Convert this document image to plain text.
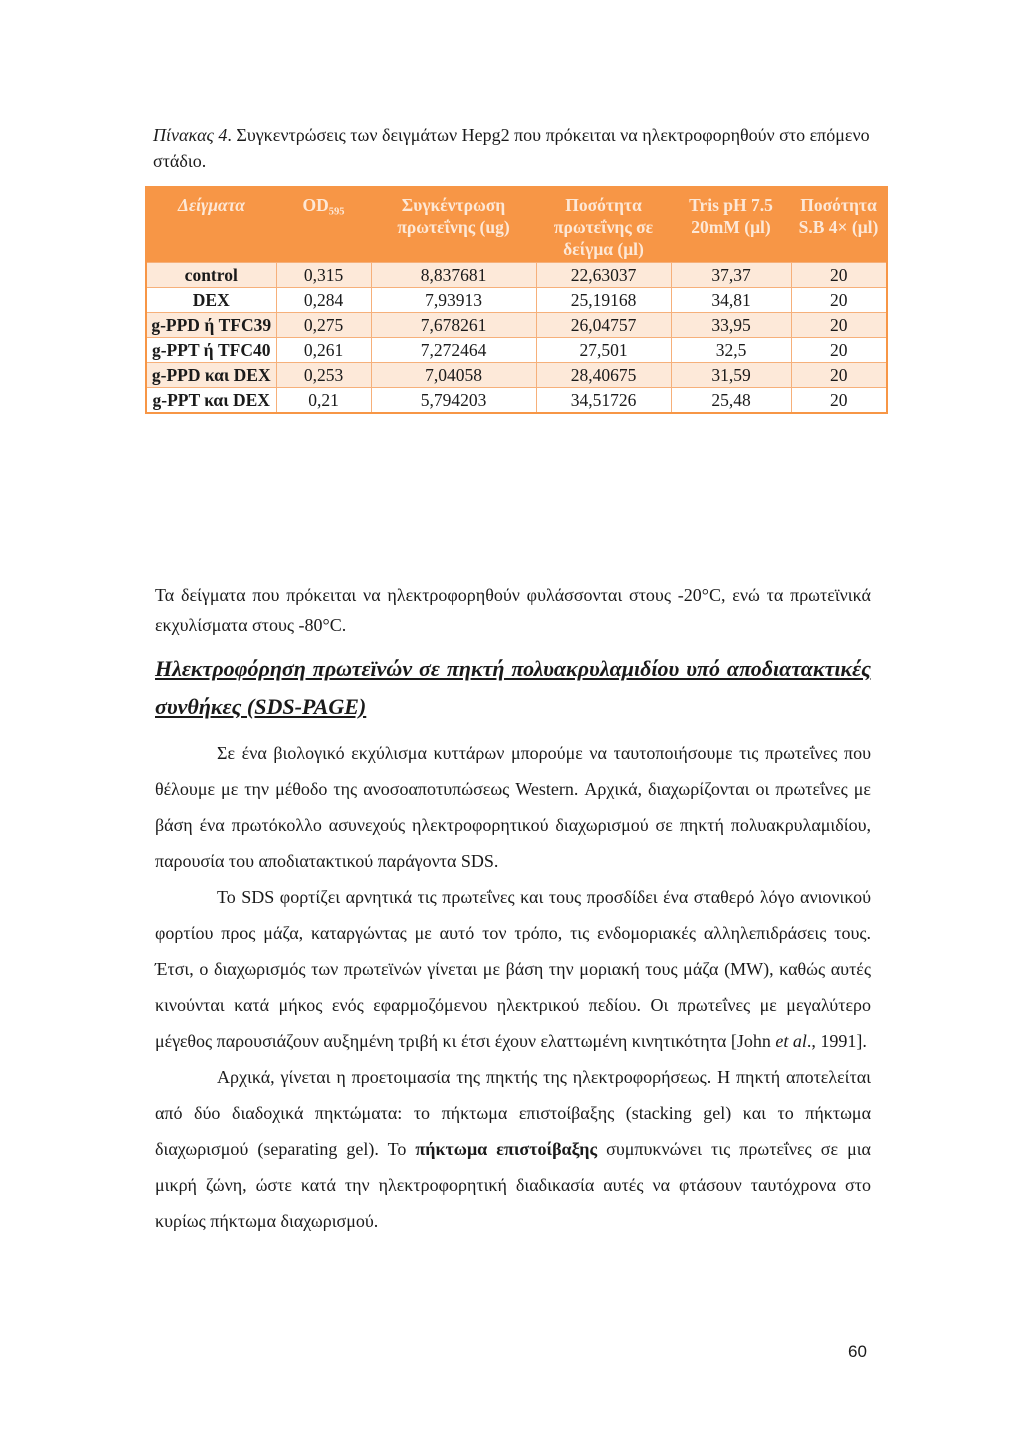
Πίνακας 4. Συγκεντρώσεις των δειγμάτων Hepg2 που πρόκειται να ηλεκτροφορηθούν στο επόμενο στάδιο.
Δείγματα	OD₅₉₅	Συγκέντρωση πρωτεΐνης (ug)	Ποσότητα πρωτεΐνης σε δείγμα (μl)	Tris pH 7.5 20mM (μl)	Ποσότητα S.B 4× (μl)
control	0,315	8,837681	22,63037	37,37	20
DEX	0,284	7,93913	25,19168	34,81	20
g-PPD ή TFC39	0,275	7,678261	26,04757	33,95	20
g-PPT ή TFC40	0,261	7,272464	27,501	32,5	20
g-PPD και DEX	0,253	7,04058	28,40675	31,59	20
g-PPT και DEX	0,21	5,794203	34,51726	25,48	20
Τα δείγματα που πρόκειται να ηλεκτροφορηθούν φυλάσσονται στους -20°C, ενώ τα πρωτεϊνικά εκχυλίσματα στους -80°C.
Ηλεκτροφόρηση πρωτεϊνών σε πηκτή πολυακρυλαμιδίου υπό αποδιατακτικές συνθήκες (SDS-PAGE)

Σε ένα βιολογικό εκχύλισμα κυττάρων μπορούμε να ταυτοποιήσουμε τις πρωτεΐνες που θέλουμε με την μέθοδο της ανοσοαποτυπώσεως Western. Αρχικά, διαχωρίζονται οι πρωτεΐνες με βάση ένα πρωτόκολλο ασυνεχούς ηλεκτροφορητικού διαχωρισμού σε πηκτή πολυακρυλαμιδίου, παρουσία του αποδιατακτικού παράγοντα SDS.

Το SDS φορτίζει αρνητικά τις πρωτεΐνες και τους προσδίδει ένα σταθερό λόγο ανιονικού φορτίου προς μάζα, καταργώντας με αυτό τον τρόπο, τις ενδομοριακές αλληλεπιδράσεις τους. Έτσι, ο διαχωρισμός των πρωτεϊνών γίνεται με βάση την μοριακή τους μάζα (MW), καθώς αυτές κινούνται κατά μήκος ενός εφαρμοζόμενου ηλεκτρικού πεδίου. Οι πρωτεΐνες με μεγαλύτερο μέγεθος παρουσιάζουν αυξημένη τριβή κι έτσι έχουν ελαττωμένη κινητικότητα [John et al., 1991].

Αρχικά, γίνεται η προετοιμασία της πηκτής της ηλεκτροφορήσεως. Η πηκτή αποτελείται από δύο διαδοχικά πηκτώματα: το πήκτωμα επιστοίβαξης (stacking gel) και το πήκτωμα διαχωρισμού (separating gel). Το πήκτωμα επιστοίβαξης συμπυκνώνει τις πρωτεΐνες σε μια μικρή ζώνη, ώστε κατά την ηλεκτροφορητική διαδικασία αυτές να φτάσουν ταυτόχρονα στο κυρίως πήκτωμα διαχωρισμού.

60
